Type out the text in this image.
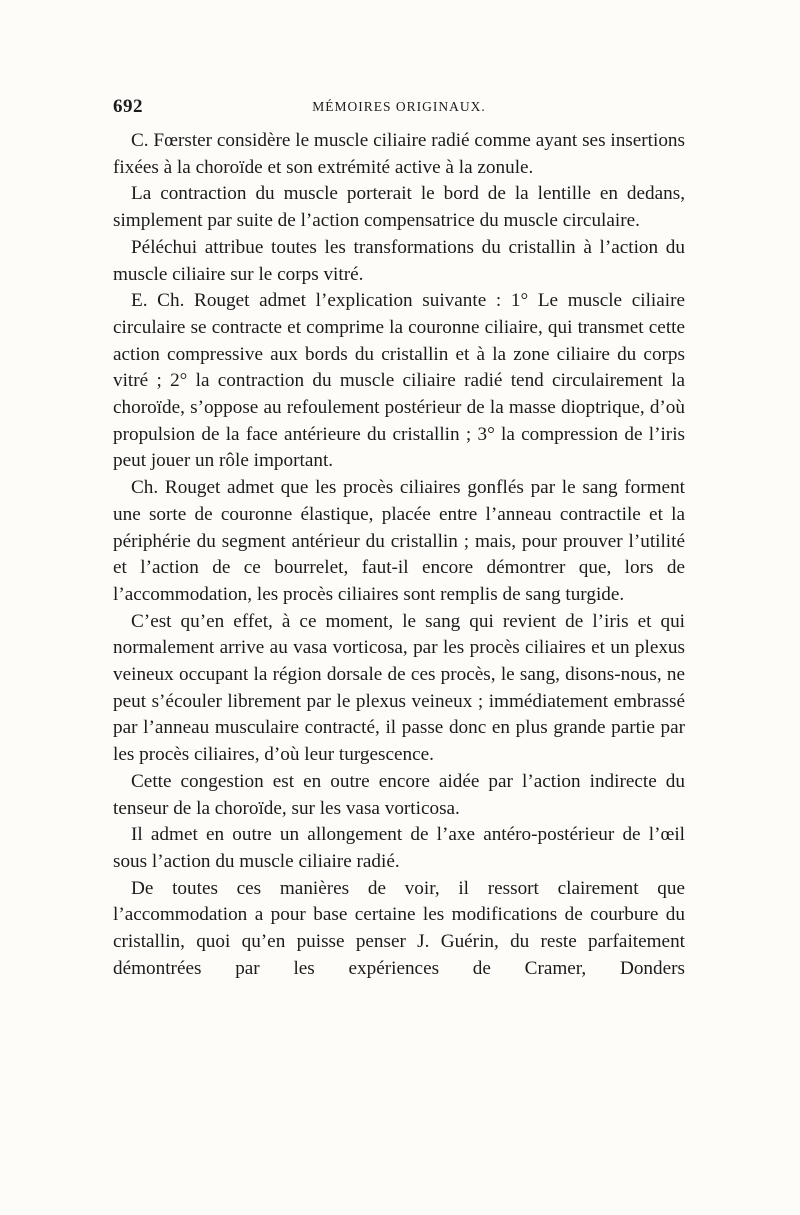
692	MÉMOIRES ORIGINAUX.

C. Fœrster considère le muscle ciliaire radié comme ayant ses insertions fixées à la choroïde et son extrémité active à la zonule.

La contraction du muscle porterait le bord de la lentille en dedans, simplement par suite de l’action compensatrice du muscle circulaire.

Péléchui attribue toutes les transformations du cristallin à l’action du muscle ciliaire sur le corps vitré.

E. Ch. Rouget admet l’explication suivante : 1° Le muscle ciliaire circulaire se contracte et comprime la couronne ciliaire, qui transmet cette action compressive aux bords du cristallin et à la zone ciliaire du corps vitré ; 2° la contraction du muscle ciliaire radié tend circulairement la choroïde, s’oppose au refoulement postérieur de la masse dioptrique, d’où propulsion de la face antérieure du cristallin ; 3° la compression de l’iris peut jouer un rôle important.

Ch. Rouget admet que les procès ciliaires gonflés par le sang forment une sorte de couronne élastique, placée entre l’anneau contractile et la périphérie du segment antérieur du cristallin ; mais, pour prouver l’utilité et l’action de ce bourrelet, faut-il encore démontrer que, lors de l’accommodation, les procès ciliaires sont remplis de sang turgide.

C’est qu’en effet, à ce moment, le sang qui revient de l’iris et qui normalement arrive au vasa vorticosa, par les procès ciliaires et un plexus veineux occupant la région dorsale de ces procès, le sang, disons-nous, ne peut s’écouler librement par le plexus veineux ; immédiatement embrassé par l’anneau musculaire contracté, il passe donc en plus grande partie par les procès ciliaires, d’où leur turgescence.

Cette congestion est en outre encore aidée par l’action indirecte du tenseur de la choroïde, sur les vasa vorticosa.

Il admet en outre un allongement de l’axe antéro-postérieur de l’œil sous l’action du muscle ciliaire radié.

De toutes ces manières de voir, il ressort clairement que l’accommodation a pour base certaine les modifications de courbure du cristallin, quoi qu’en puisse penser J. Guérin, du reste parfaitement démontrées par les expériences de Cramer, Donders
